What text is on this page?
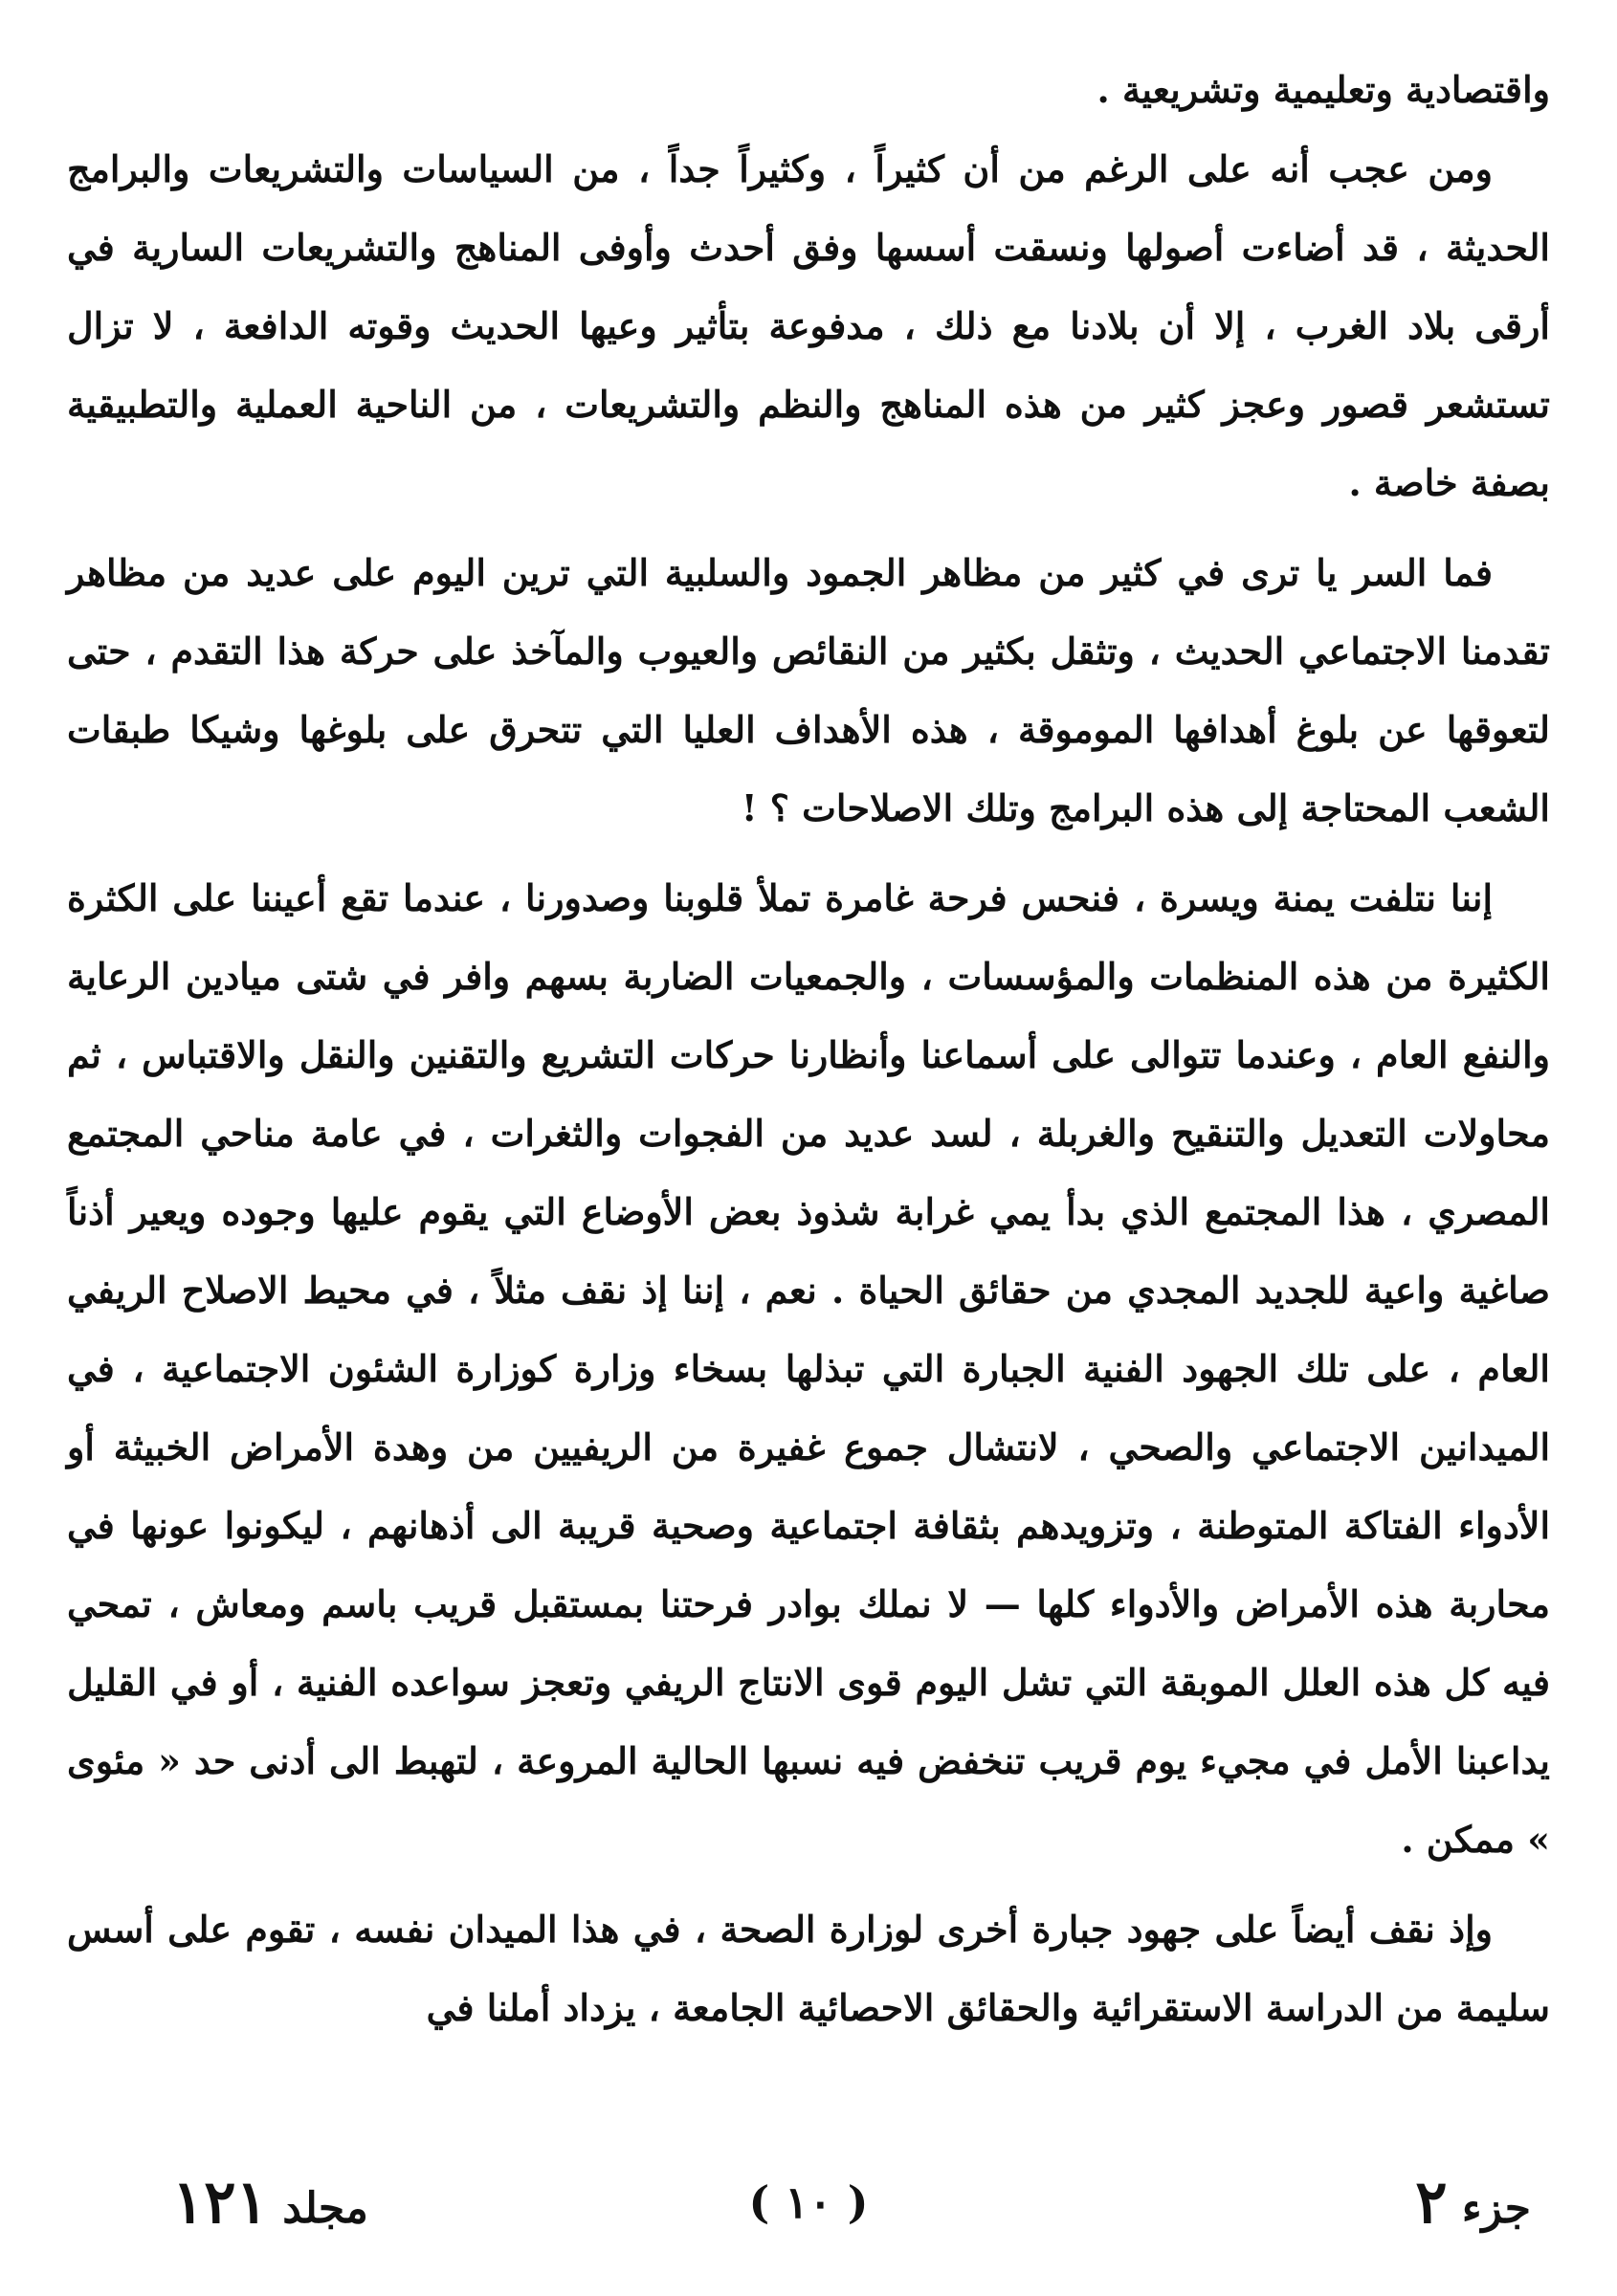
واقتصادية وتعليمية وتشريعية .

ومن عجب أنه على الرغم من أن كثيراً ، وكثيراً جداً ، من السياسات والتشريعات والبرامج الحديثة ، قد أضاءت أصولها ونسقت أسسها وفق أحدث وأوفى المناهج والتشريعات السارية في أرقى بلاد الغرب ، إلا أن بلادنا مع ذلك ، مدفوعة بتأثير وعيها الحديث وقوته الدافعة ، لا تزال تستشعر قصور وعجز كثير من هذه المناهج والنظم والتشريعات ، من الناحية العملية والتطبيقية بصفة خاصة .

فما السر يا ترى في كثير من مظاهر الجمود والسلبية التي ترين اليوم على عديد من مظاهر تقدمنا الاجتماعي الحديث ، وتثقل بكثير من النقائص والعيوب والمآخذ على حركة هذا التقدم ، حتى لتعوقها عن بلوغ أهدافها الموموقة ، هذه الأهداف العليا التي تتحرق على بلوغها وشيكا طبقات الشعب المحتاجة إلى هذه البرامج وتلك الاصلاحات ؟ !

إننا نتلفت يمنة ويسرة ، فنحس فرحة غامرة تملأ قلوبنا وصدورنا ، عندما تقع أعيننا على الكثرة الكثيرة من هذه المنظمات والمؤسسات ، والجمعيات الضاربة بسهم وافر في شتى ميادين الرعاية والنفع العام ، وعندما تتوالى على أسماعنا وأنظارنا حركات التشريع والتقنين والنقل والاقتباس ، ثم محاولات التعديل والتنقيح والغربلة ، لسد عديد من الفجوات والثغرات ، في عامة مناحي المجتمع المصري ، هذا المجتمع الذي بدأ يمي غرابة شذوذ بعض الأوضاع التي يقوم عليها وجوده ويعير أذناً صاغية واعية للجديد المجدي من حقائق الحياة . نعم ، إننا إذ نقف مثلاً ، في محيط الاصلاح الريفي العام ، على تلك الجهود الفنية الجبارة التي تبذلها بسخاء وزارة كوزارة الشئون الاجتماعية ، في الميدانين الاجتماعي والصحي ، لانتشال جموع غفيرة من الريفيين من وهدة الأمراض الخبيثة أو الأدواء الفتاكة المتوطنة ، وتزويدهم بثقافة اجتماعية وصحية قريبة الى أذهانهم ، ليكونوا عونها في محاربة هذه الأمراض والأدواء كلها — لا نملك بوادر فرحتنا بمستقبل قريب باسم ومعاش ، تمحي فيه كل هذه العلل الموبقة التي تشل اليوم قوى الانتاج الريفي وتعجز سواعده الفنية ، أو في القليل يداعبنا الأمل في مجيء يوم قريب تنخفض فيه نسبها الحالية المروعة ، لتهبط الى أدنى حد « مئوى » ممكن .

وإذ نقف أيضاً على جهود جبارة أخرى لوزارة الصحة ، في هذا الميدان نفسه ، تقوم على أسس سليمة من الدراسة الاستقرائية والحقائق الاحصائية الجامعة ، يزداد أملنا في

جزء ٢
( ١٠ )
مجلد ١٢١
